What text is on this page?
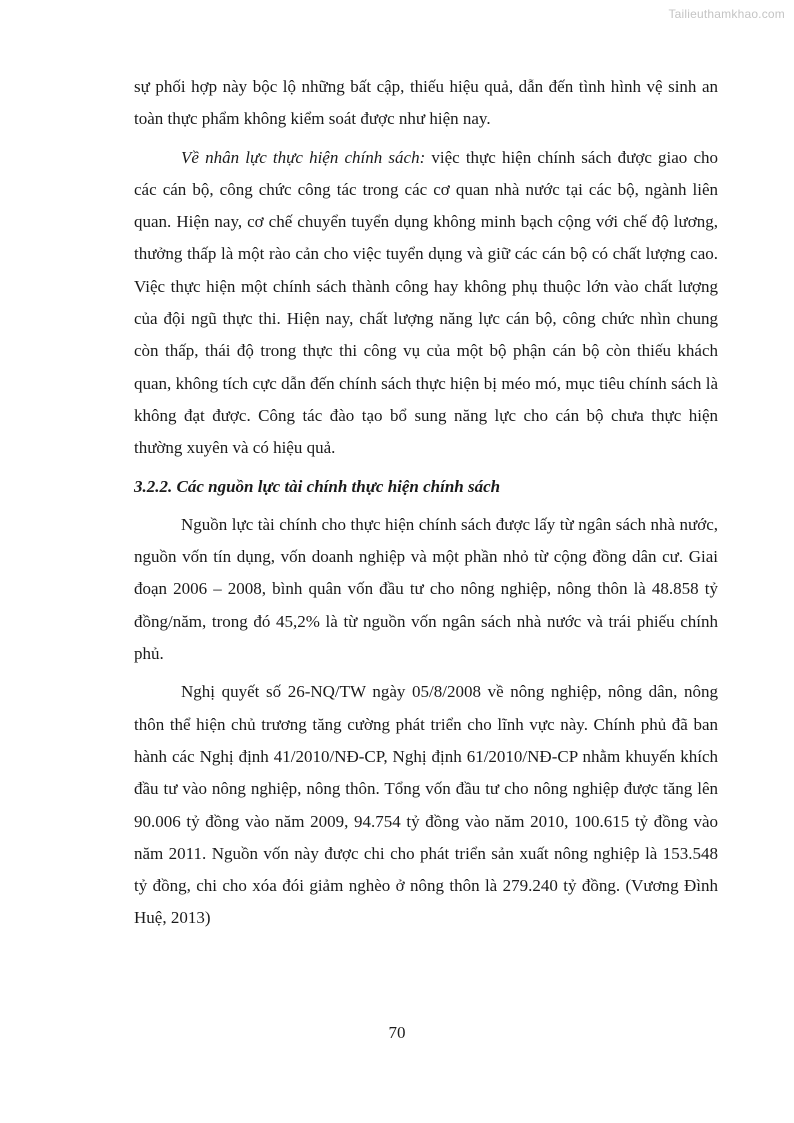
Tailieuthamkhao.com

sự phối hợp này bộc lộ những bất cập, thiếu hiệu quả, dẫn đến tình hình vệ sinh an toàn thực phẩm không kiểm soát được như hiện nay.

Về nhân lực thực hiện chính sách: việc thực hiện chính sách được giao cho các cán bộ, công chức công tác trong các cơ quan nhà nước tại các bộ, ngành liên quan. Hiện nay, cơ chế chuyển tuyển dụng không minh bạch cộng với chế độ lương, thưởng thấp là một rào cản cho việc tuyển dụng và giữ các cán bộ có chất lượng cao. Việc thực hiện một chính sách thành công hay không phụ thuộc lớn vào chất lượng của đội ngũ thực thi. Hiện nay, chất lượng năng lực cán bộ, công chức nhìn chung còn thấp, thái độ trong thực thi công vụ của một bộ phận cán bộ còn thiếu khách quan, không tích cực dẫn đến chính sách thực hiện bị méo mó, mục tiêu chính sách là không đạt được. Công tác đào tạo bổ sung năng lực cho cán bộ chưa thực hiện thường xuyên và có hiệu quả.

3.2.2. Các nguồn lực tài chính thực hiện chính sách

Nguồn lực tài chính cho thực hiện chính sách được lấy từ ngân sách nhà nước, nguồn vốn tín dụng, vốn doanh nghiệp và một phần nhỏ từ cộng đồng dân cư. Giai đoạn 2006 – 2008, bình quân vốn đầu tư cho nông nghiệp, nông thôn là 48.858 tỷ đồng/năm, trong đó 45,2% là từ nguồn vốn ngân sách nhà nước và trái phiếu chính phủ.

Nghị quyết số 26-NQ/TW ngày 05/8/2008 về nông nghiệp, nông dân, nông thôn thể hiện chủ trương tăng cường phát triển cho lĩnh vực này. Chính phủ đã ban hành các Nghị định 41/2010/NĐ-CP, Nghị định 61/2010/NĐ-CP nhằm khuyến khích đầu tư vào nông nghiệp, nông thôn. Tổng vốn đầu tư cho nông nghiệp được tăng lên 90.006 tỷ đồng vào năm 2009, 94.754 tỷ đồng vào năm 2010, 100.615 tỷ đồng vào năm 2011. Nguồn vốn này được chi cho phát triển sản xuất nông nghiệp là 153.548 tỷ đồng, chi cho xóa đói giảm nghèo ở nông thôn là 279.240 tỷ đồng. (Vương Đình Huệ, 2013)

70
